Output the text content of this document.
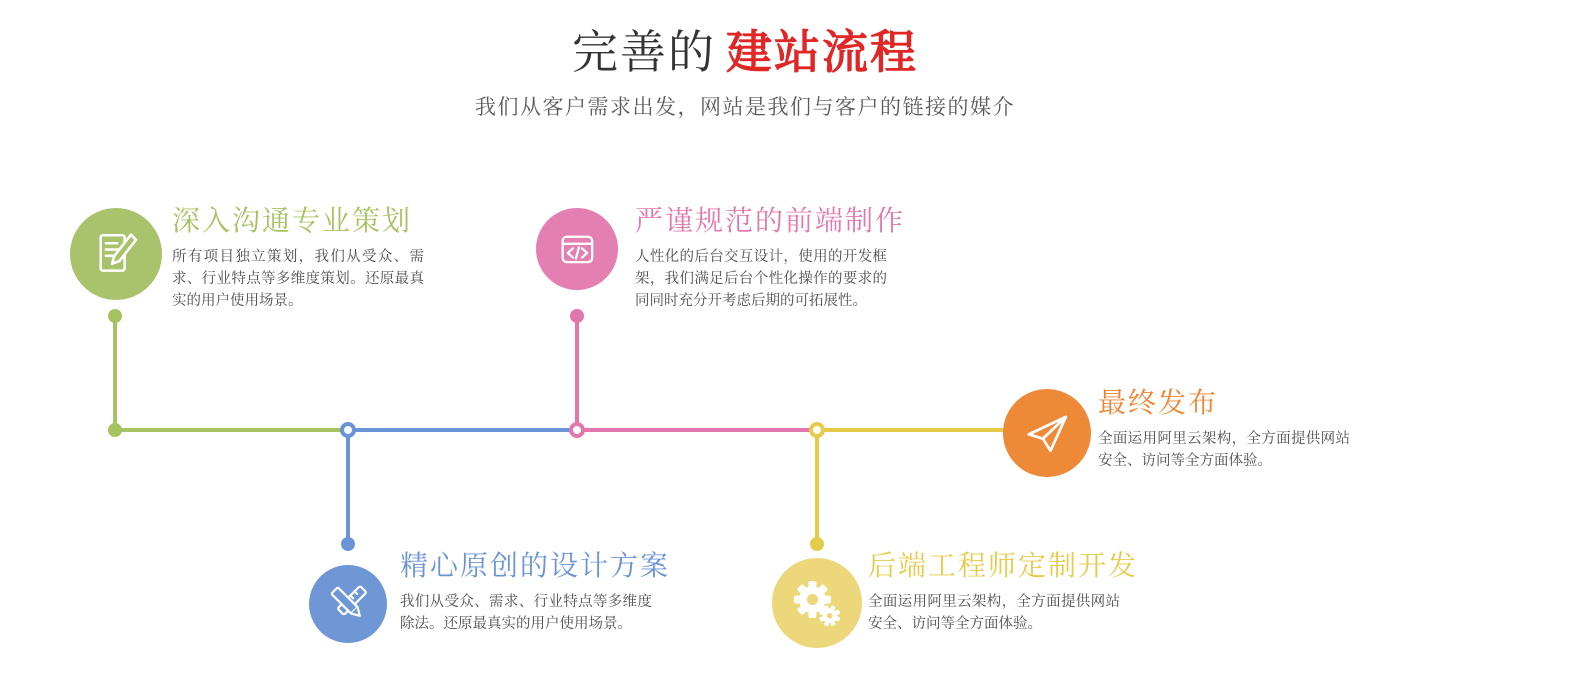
完善的 建站流程

我们从客户需求出发，网站是我们与客户的链接的媒介

深入沟通专业策划

所有项目独立策划，我们从受众、需求、行业特点等多维度策划。还原最真实的用户使用场景。

严谨规范的前端制作

人性化的后台交互设计，使用的开发框架，我们满足后台个性化操作的要求的同同时充分开考虑后期的可拓展性。

精心原创的设计方案

我们从受众、需求、行业特点等多维度除法。还原最真实的用户使用场景。

后端工程师定制开发

全面运用阿里云架构，全方面提供网站安全、访问等全方面体验。

最终发布

全面运用阿里云架构，全方面提供网站安全、访问等全方面体验。
